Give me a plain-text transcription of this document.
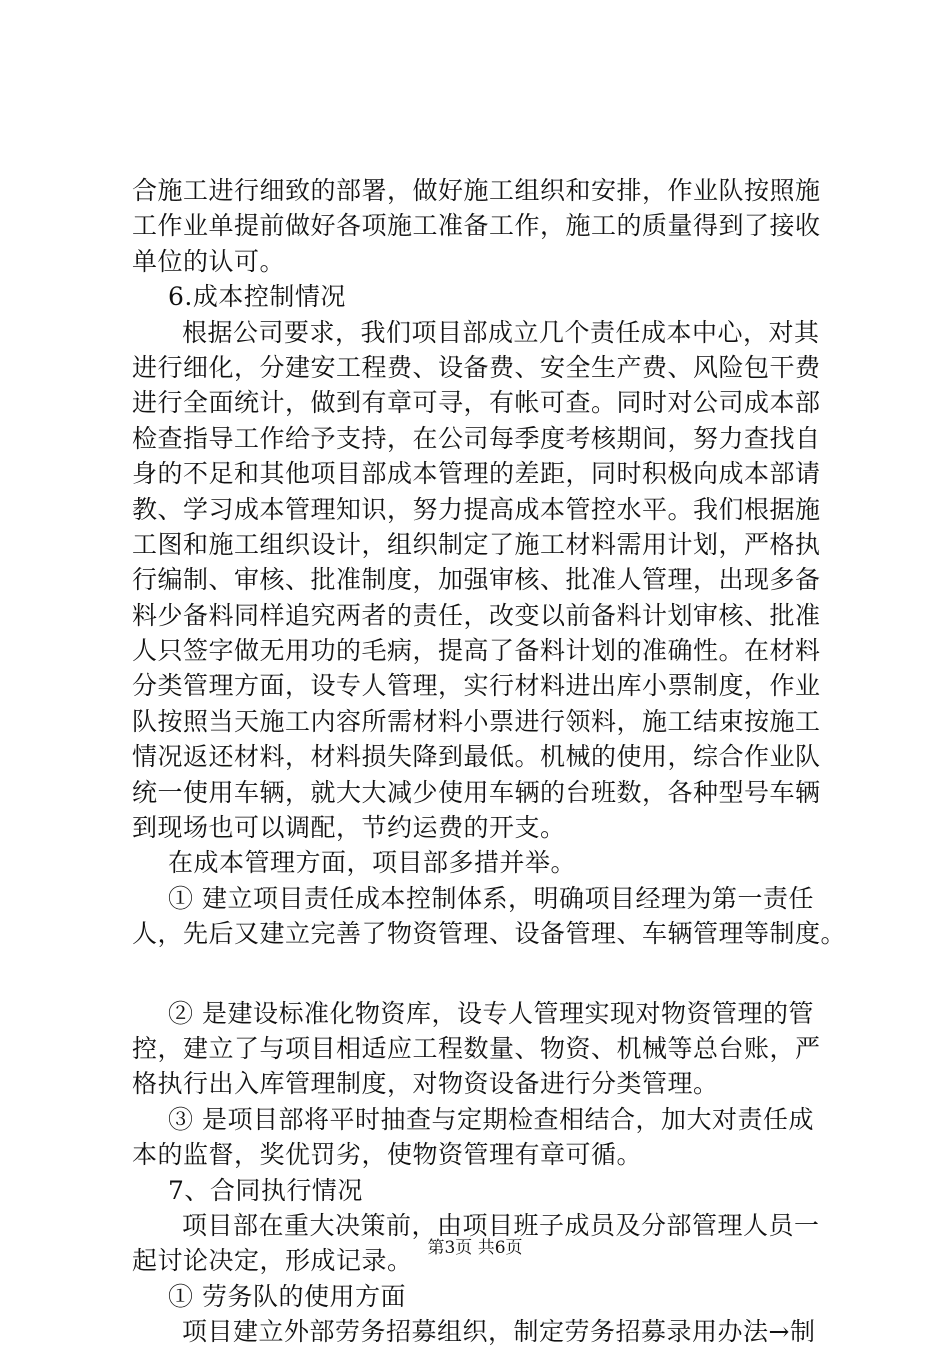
合施工进行细致的部署，做好施工组织和安排，作业队按照施
工作业单提前做好各项施工准备工作，施工的质量得到了接收
单位的认可。
6.成本控制情况
根据公司要求，我们项目部成立几个责任成本中心，对其
进行细化，分建安工程费、设备费、安全生产费、风险包干费
进行全面统计，做到有章可寻，有帐可查。同时对公司成本部
检查指导工作给予支持，在公司每季度考核期间，努力查找自
身的不足和其他项目部成本管理的差距，同时积极向成本部请
教、学习成本管理知识，努力提高成本管控水平。我们根据施
工图和施工组织设计，组织制定了施工材料需用计划，严格执
行编制、审核、批准制度，加强审核、批准人管理，出现多备
料少备料同样追究两者的责任，改变以前备料计划审核、批准
人只签字做无用功的毛病，提高了备料计划的准确性。在材料
分类管理方面，设专人管理，实行材料进出库小票制度，作业
队按照当天施工内容所需材料小票进行领料，施工结束按施工
情况返还材料，材料损失降到最低。机械的使用，综合作业队
统一使用车辆，就大大减少使用车辆的台班数，各种型号车辆
到现场也可以调配，节约运费的开支。
在成本管理方面，项目部多措并举。
① 建立项目责任成本控制体系，明确项目经理为第一责任
人，先后又建立完善了物资管理、设备管理、车辆管理等制度。
② 是建设标准化物资库，设专人管理实现对物资管理的管
控，建立了与项目相适应工程数量、物资、机械等总台账，严
格执行出入库管理制度，对物资设备进行分类管理。
③ 是项目部将平时抽查与定期检查相结合，加大对责任成
本的监督，奖优罚劣，使物资管理有章可循。
7、合同执行情况
项目部在重大决策前，由项目班子成员及分部管理人员一
起讨论决定，形成记录。
① 劳务队的使用方面
项目建立外部劳务招募组织，制定劳务招募录用办法→制
第3页 共6页
